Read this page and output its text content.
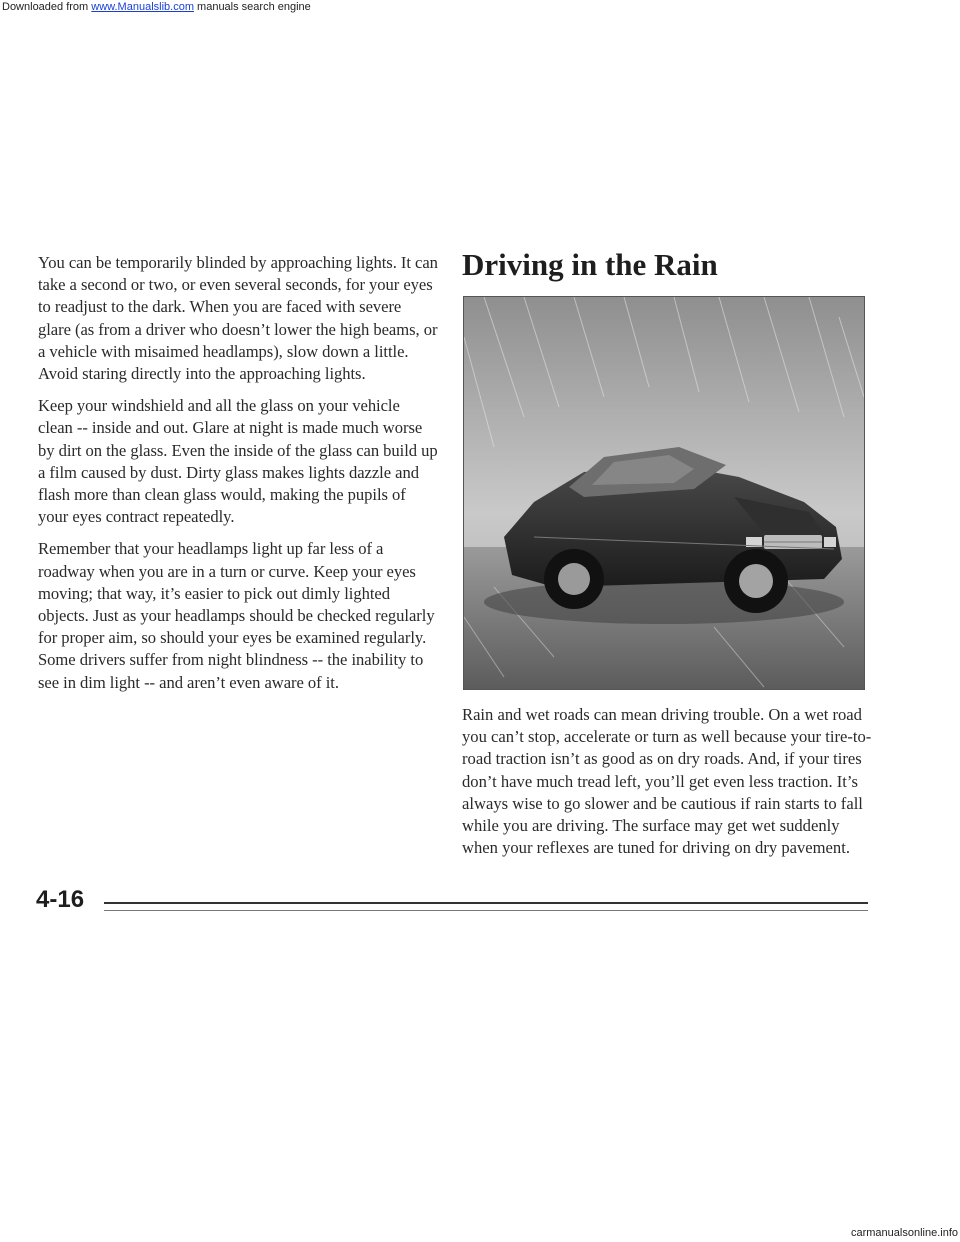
Downloaded from www.Manualslib.com manuals search engine

You can be temporarily blinded by approaching lights. It can take a second or two, or even several seconds, for your eyes to readjust to the dark. When you are faced with severe glare (as from a driver who doesn’t lower the high beams, or a vehicle with misaimed headlamps), slow down a little. Avoid staring directly into the approaching lights.

Keep your windshield and all the glass on your vehicle clean -- inside and out. Glare at night is made much worse by dirt on the glass. Even the inside of the glass can build up a film caused by dust. Dirty glass makes lights dazzle and flash more than clean glass would, making the pupils of your eyes contract repeatedly.

Remember that your headlamps light up far less of a roadway when you are in a turn or curve. Keep your eyes moving; that way, it’s easier to pick out dimly lighted objects. Just as your headlamps should be checked regularly for proper aim, so should your eyes be examined regularly. Some drivers suffer from night blindness -- the inability to see in dim light -- and aren’t even aware of it.

Driving in the Rain

Rain and wet roads can mean driving trouble. On a wet road you can’t stop, accelerate or turn as well because your tire-to-road traction isn’t as good as on dry roads. And, if your tires don’t have much tread left, you’ll get even less traction. It’s always wise to go slower and be cautious if rain starts to fall while you are driving. The surface may get wet suddenly when your reflexes are tuned for driving on dry pavement.

4-16

carmanualsonline.info
